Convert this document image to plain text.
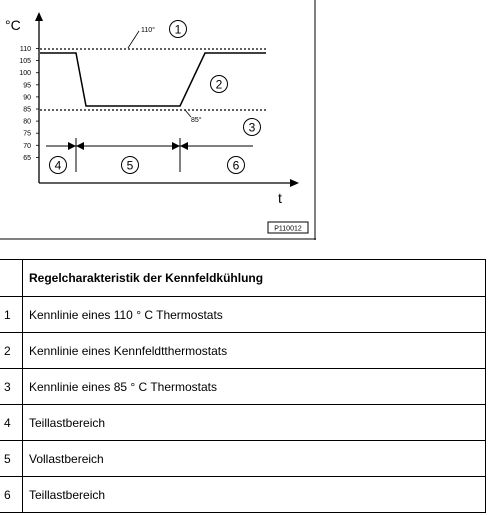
°C
t
110
105
100
95
90
85
80
75
70
65
110°
85°
1
2
3
4	5	6
P110012
	Regelcharakteristik der Kennfeldkühlung
1	Kennlinie eines 110 ° C Thermostats
2	Kennlinie eines Kennfeldtthermostats
3	Kennlinie eines 85 ° C Thermostats
4	Teillastbereich
5	Vollastbereich
6	Teillastbereich
